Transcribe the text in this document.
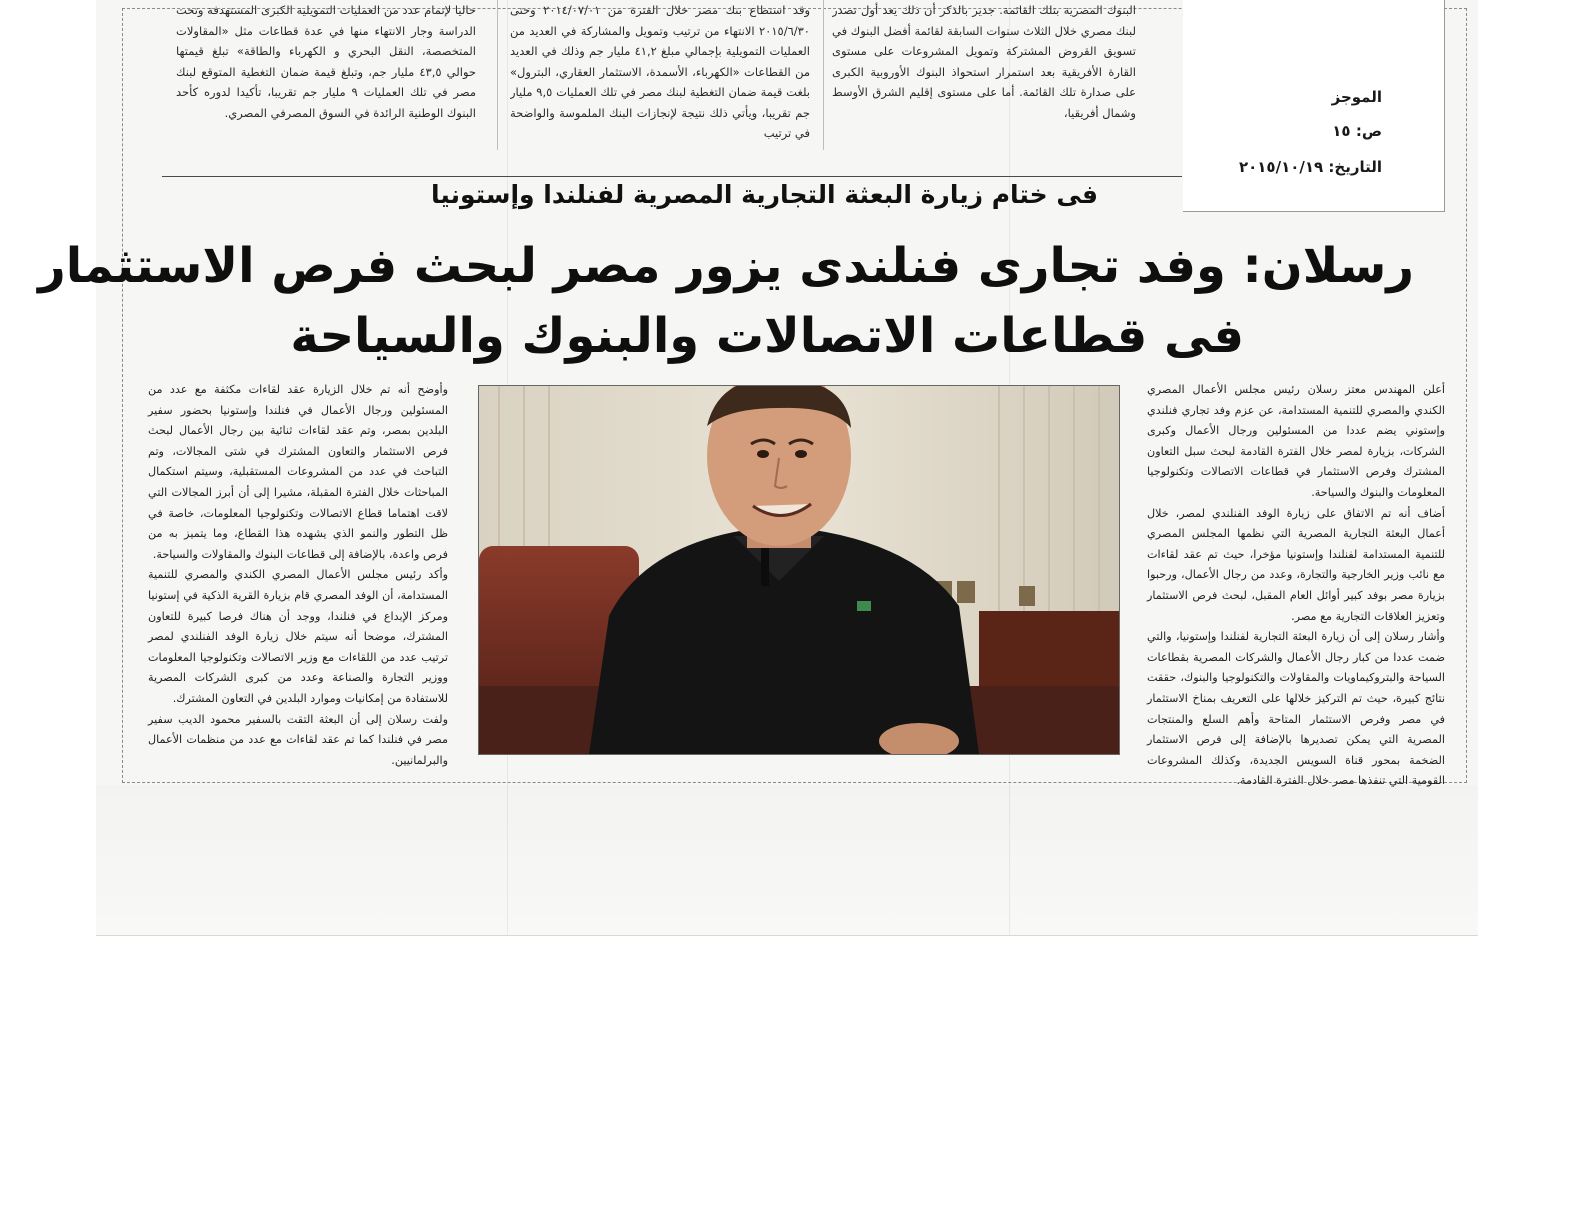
البنوك المصرية بتلك القائمة. جدير بالذكر أن ذلك يعد أول تصدر لبنك مصري خلال الثلاث سنوات السابقة لقائمة أفضل البنوك في تسويق القروض المشتركة وتمويل المشروعات على مستوى القارة الأفريقية بعد استمرار استحواذ البنوك الأوروبية الكبرى على صدارة تلك القائمة. أما على مستوى إقليم الشرق الأوسط وشمال أفريقيا،

وقد استطاع بنك مصر خلال الفترة من ٢٠١٤/٠٧/٠١ وحتى ٢٠١٥/٦/٣٠ الانتهاء من ترتيب وتمويل والمشاركة في العديد من العمليات التمويلية بإجمالي مبلغ ٤١,٢ مليار جم وذلك في العديد من القطاعات «الكهرباء، الأسمدة، الاستثمار العقاري، البترول» بلغت قيمة ضمان التغطية لبنك مصر في تلك العمليات ٩,٥ مليار جم تقريبا، ويأتي ذلك نتيجة لإنجازات البنك الملموسة والواضحة في ترتيب

حاليا لإتمام عدد من العمليات التمويلية الكبرى المستهدفة وتحت الدراسة وجار الانتهاء منها في عدة قطاعات مثل «المقاولات المتخصصة، النقل البحري و الكهرباء والطاقة» تبلغ قيمتها حوالي ٤٣,٥ مليار جم، وتبلغ قيمة ضمان التغطية المتوقع لبنك مصر في تلك العمليات ٩ مليار جم تقريبا، تأكيدا لدوره كأحد البنوك الوطنية الرائدة في السوق المصرفي المصري.

الموجز
ص: ١٥
التاريخ: ٢٠١٥/١٠/١٩
فى ختام زيارة البعثة التجارية المصرية لفنلندا وإستونيا
رسلان: وفد تجارى فنلندى يزور مصر لبحث فرص الاستثمار
فى قطاعات الاتصالات والبنوك والسياحة

أعلن المهندس معتز رسلان رئيس مجلس الأعمال المصري الكندي والمصري للتنمية المستدامة، عن عزم وفد تجاري فنلندي وإستوني يضم عددا من المسئولين ورجال الأعمال وكبرى الشركات، بزيارة لمصر خلال الفترة القادمة لبحث سبل التعاون المشترك وفرص الاستثمار في قطاعات الاتصالات وتكنولوجيا المعلومات والبنوك والسياحة.

أضاف أنه تم الاتفاق على زيارة الوفد الفنلندي لمصر، خلال أعمال البعثة التجارية المصرية التي نظمها المجلس المصري للتنمية المستدامة لفنلندا وإستونيا مؤخرا، حيث تم عقد لقاءات مع نائب وزير الخارجية والتجارة، وعدد من رجال الأعمال، ورحبوا بزيارة مصر بوفد كبير أوائل العام المقبل، لبحث فرص الاستثمار وتعزيز العلاقات التجارية مع مصر.

وأشار رسلان إلى أن زيارة البعثة التجارية لفنلندا وإستونيا، والتي ضمت عددا من كبار رجال الأعمال والشركات المصرية بقطاعات السياحة والبتروكيماويات والمقاولات والتكنولوجيا والبنوك، حققت نتائج كبيرة، حيث تم التركيز خلالها على التعريف بمناخ الاستثمار في مصر وفرص الاستثمار المتاحة وأهم السلع والمنتجات المصرية التي يمكن تصديرها بالإضافة إلى فرص الاستثمار الضخمة بمحور قناة السويس الجديدة، وكذلك المشروعات القومية التي تنفذها مصر خلال الفترة القادمة.

وأوضح أنه تم خلال الزيارة عقد لقاءات مكثفة مع عدد من المسئولين ورجال الأعمال في فنلندا وإستونيا بحضور سفير البلدين بمصر، وتم عقد لقاءات ثنائية بين رجال الأعمال لبحث فرص الاستثمار والتعاون المشترك في شتى المجالات، وتم التباحث في عدد من المشروعات المستقبلية، وسيتم استكمال المباحثات خلال الفترة المقبلة، مشيرا إلى أن أبرز المجالات التي لاقت اهتماما قطاع الاتصالات وتكنولوجيا المعلومات، خاصة في ظل التطور والنمو الذي يشهده هذا القطاع، وما يتميز به من فرص واعدة، بالإضافة إلى قطاعات البنوك والمقاولات والسياحة.

وأكد رئيس مجلس الأعمال المصري الكندي والمصري للتنمية المستدامة، أن الوفد المصري قام بزيارة القرية الذكية في إستونيا ومركز الإبداع في فنلندا، ووجد أن هناك فرصا كبيرة للتعاون المشترك، موضحا أنه سيتم خلال زيارة الوفد الفنلندي لمصر ترتيب عدد من اللقاءات مع وزير الاتصالات وتكنولوجيا المعلومات ووزير التجارة والصناعة وعدد من كبرى الشركات المصرية للاستفادة من إمكانيات وموارد البلدين في التعاون المشترك.

ولفت رسلان إلى أن البعثة التقت بالسفير محمود الديب سفير مصر في فنلندا كما تم عقد لقاءات مع عدد من منظمات الأعمال والبرلمانيين.
